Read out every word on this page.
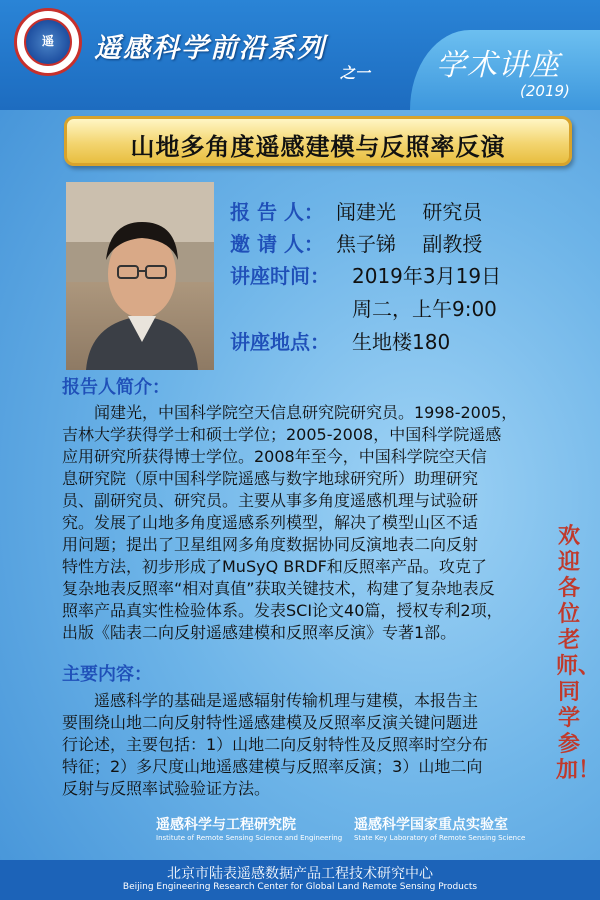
遥	遥感科学前沿系列
之一 学术讲座
(2019)
山地多角度遥感建模与反照率反演
报 告 人： 闻建光　 研究员
邀 请 人： 焦子锑　 副教授
讲座时间： 2019年3月19日
周二，上午9:00
讲座地点： 生地楼180
报告人简介：
　　闻建光，中国科学院空天信息研究院研究员。1998-2005，
吉林大学获得学士和硕士学位；2005-2008，中国科学院遥感
应用研究所获得博士学位。2008年至今，中国科学院空天信
息研究院（原中国科学院遥感与数字地球研究所）助理研究
员、副研究员、研究员。主要从事多角度遥感机理与试验研
究。发展了山地多角度遥感系列模型，解决了模型山区不适
用问题；提出了卫星组网多角度数据协同反演地表二向反射
特性方法，初步形成了MuSyQ BRDF和反照率产品。攻克了
复杂地表反照率“相对真值”获取关键技术，构建了复杂地表反
照率产品真实性检验体系。发表SCI论文40篇，授权专利2项，
出版《陆表二向反射遥感建模和反照率反演》专著1部。
主要内容：
　　遥感科学的基础是遥感辐射传输机理与建模，本报告主
要围绕山地二向反射特性遥感建模及反照率反演关键问题进
行论述，主要包括：1）山地二向反射特性及反照率时空分布
特征；2）多尺度山地遥感建模与反照率反演；3）山地二向
反射与反照率试验验证方法。
欢迎各位老师、同学参加！
遥感科学与工程研究院
Institute of Remote Sensing Science and Engineering
遥感科学国家重点实验室
State Key Laboratory of Remote Sensing Science
北京市陆表遥感数据产品工程技术研究中心
Beijing Engineering Research Center for Global Land Remote Sensing Products
